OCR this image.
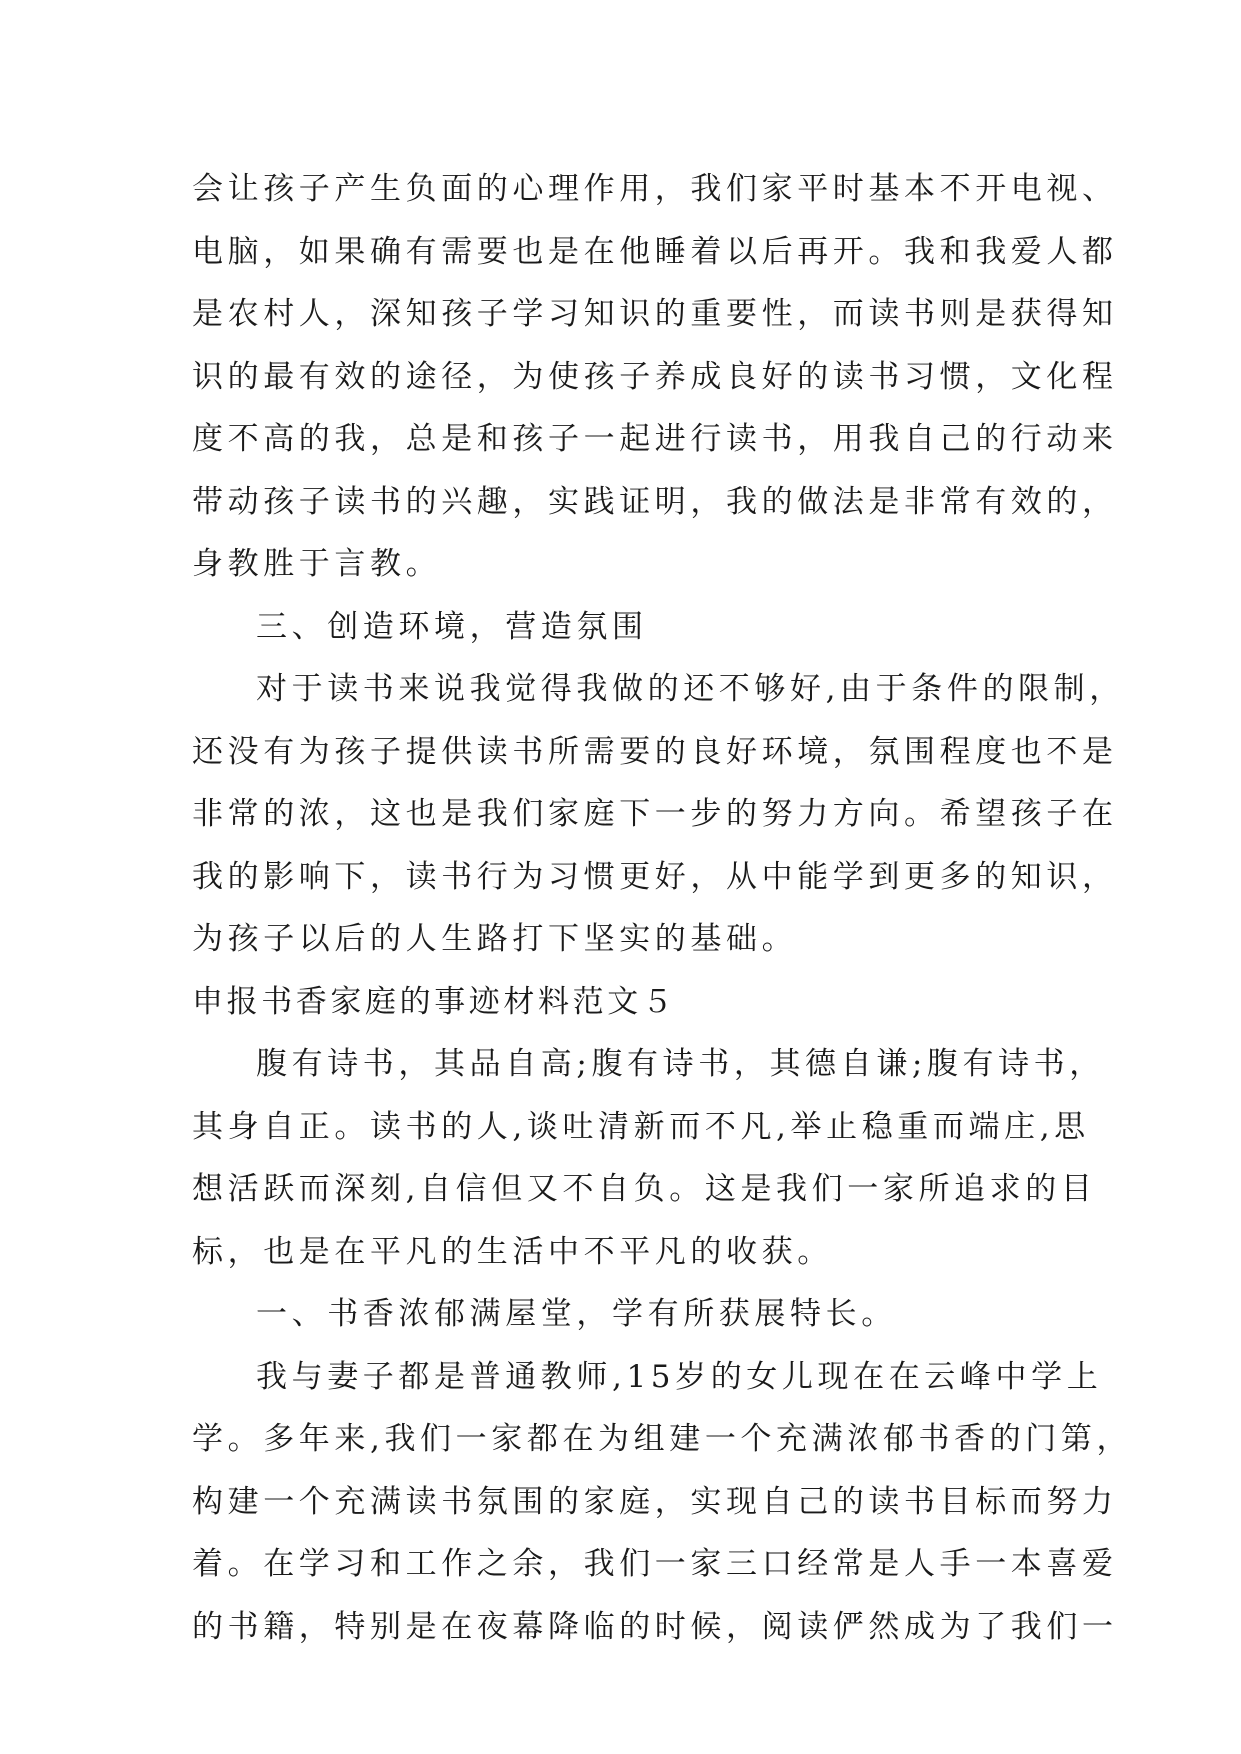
会让孩子产生负面的心理作用，我们家平时基本不开电视、
电脑，如果确有需要也是在他睡着以后再开。我和我爱人都
是农村人，深知孩子学习知识的重要性，而读书则是获得知
识的最有效的途径，为使孩子养成良好的读书习惯，文化程
度不高的我，总是和孩子一起进行读书，用我自己的行动来
带动孩子读书的兴趣，实践证明，我的做法是非常有效的，
身教胜于言教。
三、创造环境，营造氛围
对于读书来说我觉得我做的还不够好,由于条件的限制，
还没有为孩子提供读书所需要的良好环境，氛围程度也不是
非常的浓，这也是我们家庭下一步的努力方向。希望孩子在
我的影响下，读书行为习惯更好，从中能学到更多的知识，
为孩子以后的人生路打下坚实的基础。
申报书香家庭的事迹材料范文５
腹有诗书，其品自高;腹有诗书，其德自谦;腹有诗书，
其身自正。读书的人,谈吐清新而不凡,举止稳重而端庄,思
想活跃而深刻,自信但又不自负。这是我们一家所追求的目
标，也是在平凡的生活中不平凡的收获。
一、书香浓郁满屋堂，学有所获展特长。
我与妻子都是普通教师,15岁的女儿现在在云峰中学上
学。多年来,我们一家都在为组建一个充满浓郁书香的门第，
构建一个充满读书氛围的家庭，实现自己的读书目标而努力
着。在学习和工作之余，我们一家三口经常是人手一本喜爱
的书籍，特别是在夜幕降临的时候，阅读俨然成为了我们一
